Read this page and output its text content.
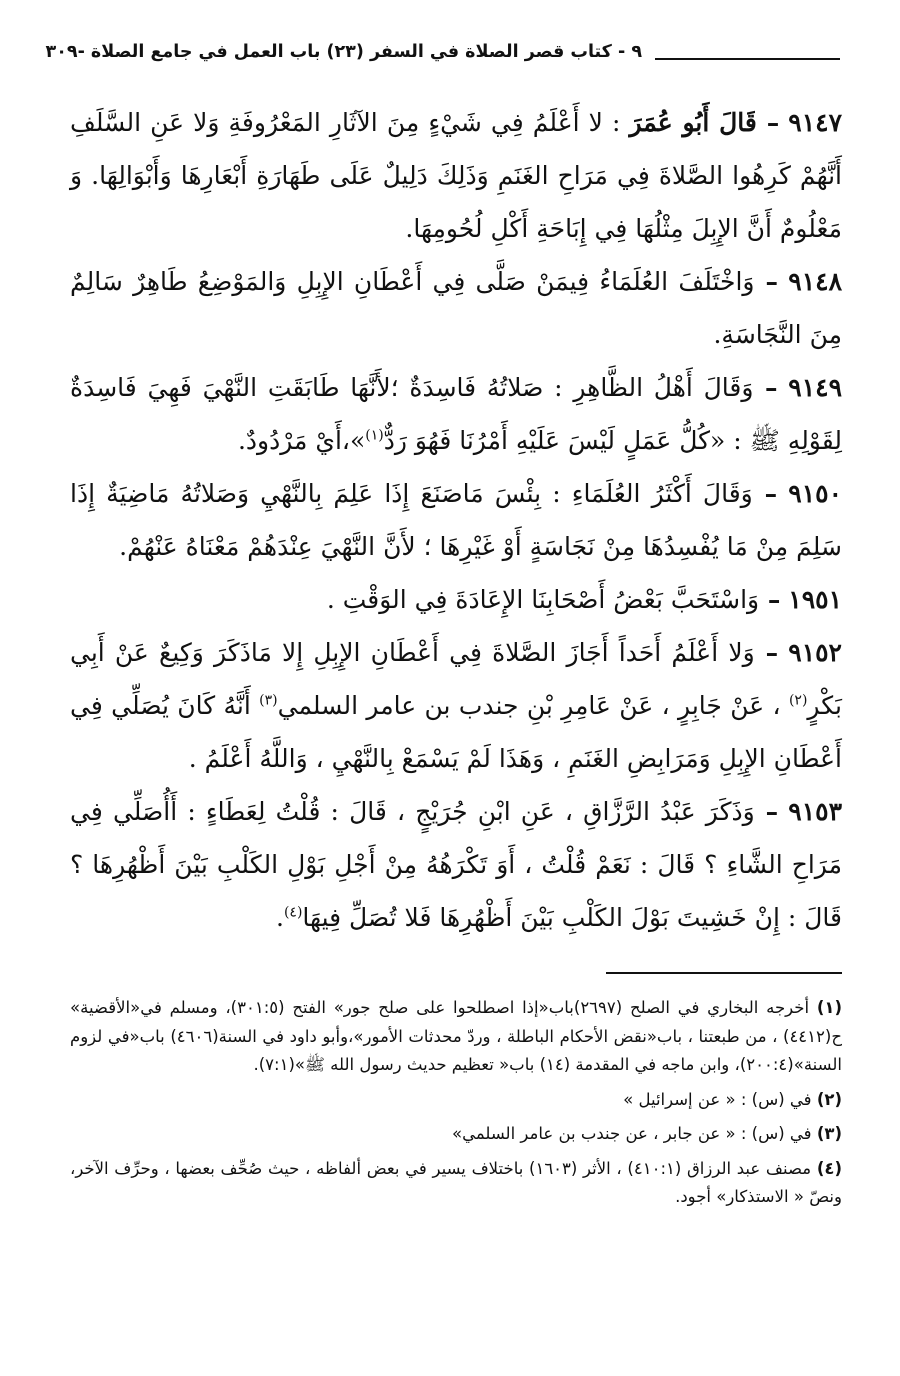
٩ - كتاب قصر الصلاة في السفر (٢٣) باب العمل في جامع الصلاة -٣٠٩

٩١٤٧ – قَالَ أَبُو عُمَرَ : لا أَعْلَمُ فِي شَيْءٍ مِنَ الآثَارِ المَعْرُوفَةِ وَلا عَنِ السَّلَفِ أَنَّهُمْ كَرِهُوا الصَّلاةَ فِي مَرَاحِ الغَنَمِ وَذَلِكَ دَلِيلٌ عَلَى طَهَارَةِ أَبْعَارِهَا وَأَبْوَالِهَا. وَ مَعْلُومٌ أَنَّ الإِبِلَ مِثْلُهَا فِي إِبَاحَةِ أَكْلِ لُحُومِهَا.

٩١٤٨ – وَاخْتَلَفَ العُلَمَاءُ فِيمَنْ صَلَّى فِي أَعْطَانِ الإِبِلِ وَالمَوْضِعُ طَاهِرٌ سَالِمٌ مِنَ النَّجَاسَةِ.

٩١٤٩ – وَقَالَ أَهْلُ الظَّاهِرِ : صَلاتُهُ فَاسِدَةٌ ؛لأَنَّهَا طَابَقَتِ النَّهْيَ فَهِيَ فَاسِدَةٌ لِقَوْلِهِ ﷺ : «كُلُّ عَمَلٍ لَيْسَ عَلَيْهِ أَمْرُنَا فَهُوَ رَدٌّ$^{(١)}$»،أَيْ مَرْدُودٌ.

٩١٥٠ – وَقَالَ أَكْثَرُ العُلَمَاءِ : بِئْسَ مَاصَنَعَ إِذَا عَلِمَ بِالنَّهْيِ وَصَلاتُهُ مَاضِيَةٌ إِذَا سَلِمَ مِنْ مَا يُفْسِدُهَا مِنْ نَجَاسَةٍ أَوْ غَيْرِهَا ؛ لأَنَّ النَّهْيَ عِنْدَهُمْ مَعْنَاهُ عَنْهُمْ.

١٩٥١ – وَاسْتَحَبَّ بَعْضُ أَصْحَابِنَا الإِعَادَةَ فِي الوَقْتِ .

٩١٥٢ – وَلا أَعْلَمُ أَحَداً أَجَازَ الصَّلاةَ فِي أَعْطَانِ الإِبِلِ إِلا مَاذَكَرَ وَكِيعٌ عَنْ أَبِي بَكْرٍ$^{(٢)}$ ، عَنْ جَابِرٍ ، عَنْ عَامِرِ بْنِ جندب بن عامر السلمي$^{(٣)}$ أَنَّهُ كَانَ يُصَلِّي فِي أَعْطَانِ الإِبِلِ وَمَرَابِضِ الغَنَمِ ، وَهَذَا لَمْ يَسْمَعْ بِالنَّهْيِ ، وَاللَّهُ أَعْلَمُ .

٩١٥٣ – وَذَكَرَ عَبْدُ الرَّزَّاقِ ، عَنِ ابْنِ جُرَيْجٍ ، قَالَ : قُلْتُ لِعَطَاءٍ : أَأُصَلِّي فِي مَرَاحِ الشَّاءِ ؟ قَالَ : نَعَمْ قُلْتُ ، أَوَ تَكْرَهُهُ مِنْ أَجْلِ بَوْلِ الكَلْبِ بَيْنَ أَظْهُرِهَا ؟ قَالَ : إِنْ خَشِيتَ بَوْلَ الكَلْبِ بَيْنَ أَظْهُرِهَا فَلا تُصَلِّ فِيهَا$^{(٤)}$.

(١) أخرجه البخاري في الصلح (٢٦٩٧)باب«إذا اصطلحوا على صلح جور» الفتح (٣٠١:٥)، ومسلم في«الأقضية» ح(٤٤١٢) ، من طبعتنا ، باب«نقض الأحكام الباطلة ، وردّ محدثات الأمور»،وأبو داود في السنة(٤٦٠٦) باب«في لزوم السنة»(٢٠٠:٤)، وابن ماجه في المقدمة (١٤) باب« تعظيم حديث رسول الله ﷺ»(٧:١).

(٢) في (س) : « عن إسرائيل »

(٣) في (س) : « عن جابر ، عن جندب بن عامر السلمي»

(٤) مصنف عبد الرزاق (٤١٠:١) ، الأثر (١٦٠٣) باختلاف يسير في بعض ألفاظه ، حيث صُحِّف بعضها ، وحرِّف الآخر، ونصّ « الاستذكار» أجود.
